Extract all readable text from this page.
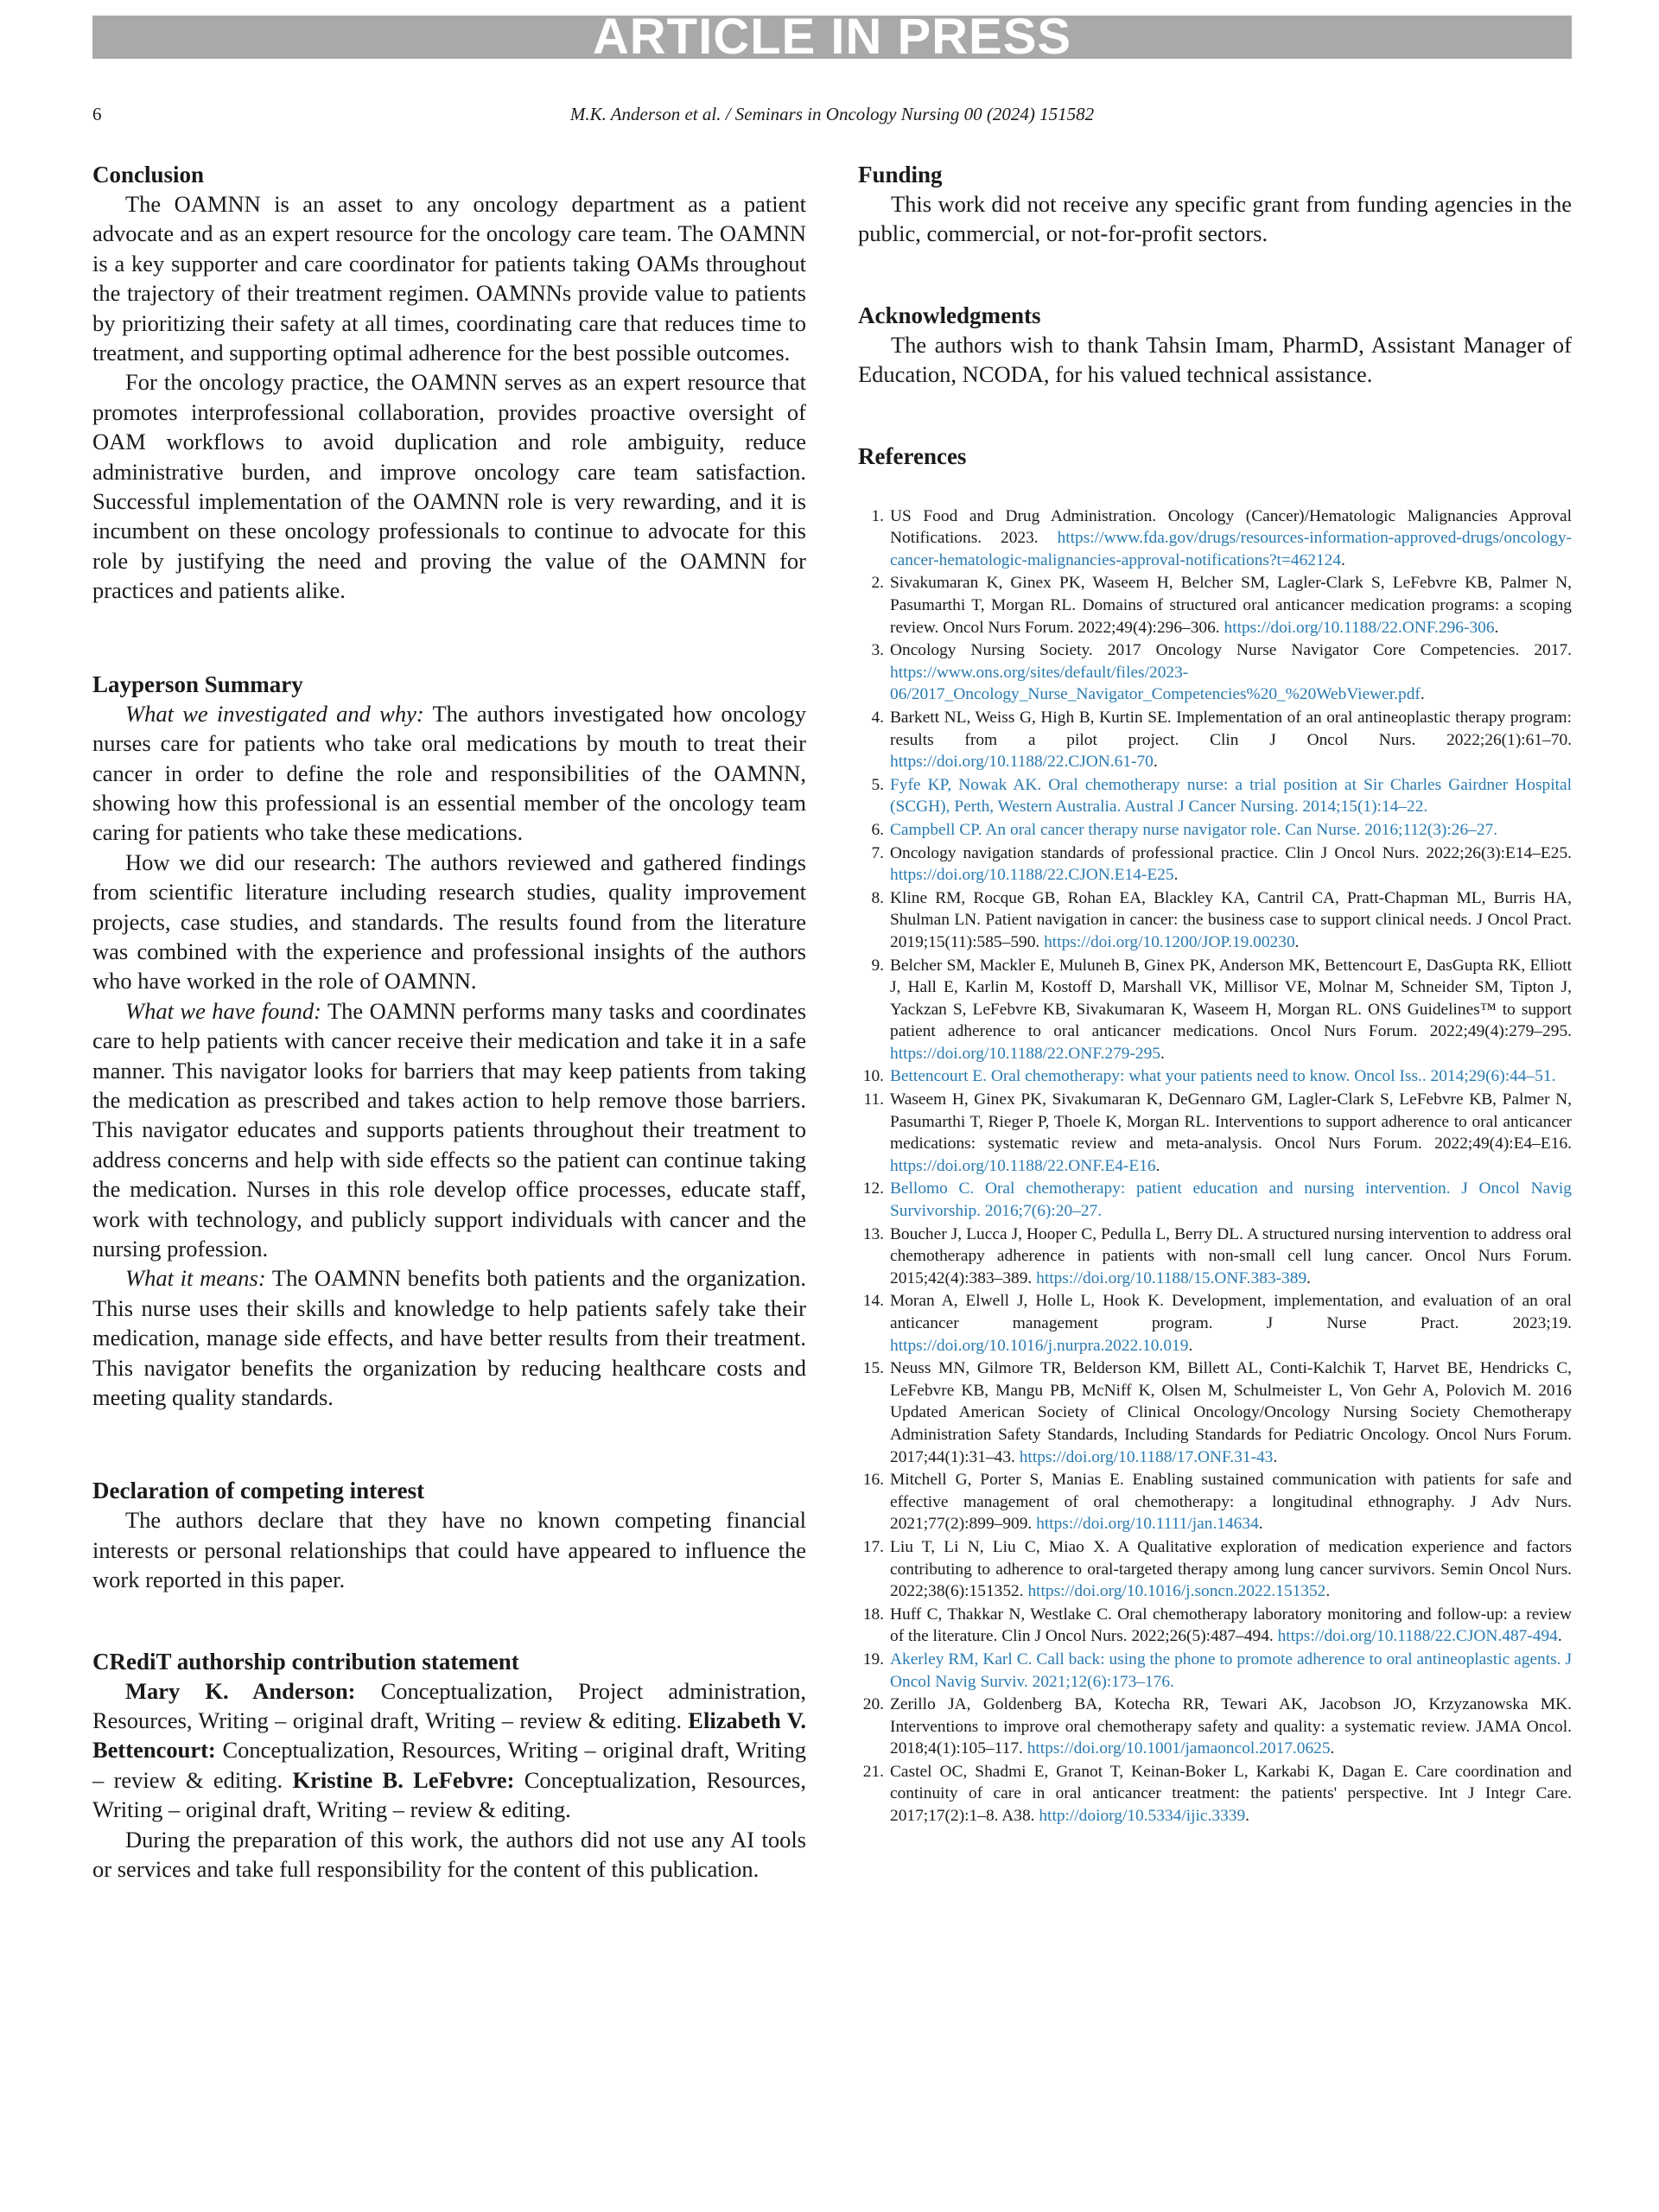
ARTICLE IN PRESS
6	M.K. Anderson et al. / Seminars in Oncology Nursing 00 (2024) 151582
Conclusion

The OAMNN is an asset to any oncology department as a patient advocate and as an expert resource for the oncology care team. The OAMNN is a key supporter and care coordinator for patients taking OAMs throughout the trajectory of their treatment regimen. OAMNNs provide value to patients by prioritizing their safety at all times, coordinating care that reduces time to treatment, and supporting optimal adherence for the best possible outcomes.

For the oncology practice, the OAMNN serves as an expert resource that promotes interprofessional collaboration, provides proactive oversight of OAM workflows to avoid duplication and role ambiguity, reduce administrative burden, and improve oncology care team satisfaction. Successful implementation of the OAMNN role is very rewarding, and it is incumbent on these oncology professionals to continue to advocate for this role by justifying the need and proving the value of the OAMNN for practices and patients alike.

Layperson Summary

What we investigated and why: The authors investigated how oncology nurses care for patients who take oral medications by mouth to treat their cancer in order to define the role and responsibilities of the OAMNN, showing how this professional is an essential member of the oncology team caring for patients who take these medications.

How we did our research: The authors reviewed and gathered findings from scientific literature including research studies, quality improvement projects, case studies, and standards. The results found from the literature was combined with the experience and professional insights of the authors who have worked in the role of OAMNN.

What we have found: The OAMNN performs many tasks and coordinates care to help patients with cancer receive their medication and take it in a safe manner. This navigator looks for barriers that may keep patients from taking the medication as prescribed and takes action to help remove those barriers. This navigator educates and supports patients throughout their treatment to address concerns and help with side effects so the patient can continue taking the medication. Nurses in this role develop office processes, educate staff, work with technology, and publicly support individuals with cancer and the nursing profession.

What it means: The OAMNN benefits both patients and the organization. This nurse uses their skills and knowledge to help patients safely take their medication, manage side effects, and have better results from their treatment. This navigator benefits the organization by reducing healthcare costs and meeting quality standards.

Declaration of competing interest

The authors declare that they have no known competing financial interests or personal relationships that could have appeared to influence the work reported in this paper.

CRediT authorship contribution statement

Mary K. Anderson: Conceptualization, Project administration, Resources, Writing – original draft, Writing – review & editing. Elizabeth V. Bettencourt: Conceptualization, Resources, Writing – original draft, Writing – review & editing. Kristine B. LeFebvre: Conceptualization, Resources, Writing – original draft, Writing – review & editing.

During the preparation of this work, the authors did not use any AI tools or services and take full responsibility for the content of this publication.

Funding

This work did not receive any specific grant from funding agencies in the public, commercial, or not-for-profit sectors.

Acknowledgments

The authors wish to thank Tahsin Imam, PharmD, Assistant Manager of Education, NCODA, for his valued technical assistance.

References
1. US Food and Drug Administration. Oncology (Cancer)/Hematologic Malignancies Approval Notifications. 2023. https://www.fda.gov/drugs/resources-information-approved-drugs/oncology-cancer-hematologic-malignancies-approval-notifications?t=462124.
2. Sivakumaran K, Ginex PK, Waseem H, Belcher SM, Lagler-Clark S, LeFebvre KB, Palmer N, Pasumarthi T, Morgan RL. Domains of structured oral anticancer medication programs: a scoping review. Oncol Nurs Forum. 2022;49(4):296–306. https://doi.org/10.1188/22.ONF.296-306.
3. Oncology Nursing Society. 2017 Oncology Nurse Navigator Core Competencies. 2017. https://www.ons.org/sites/default/files/2023-06/2017_Oncology_Nurse_Navigator_Competencies%20_%20WebViewer.pdf.
4. Barkett NL, Weiss G, High B, Kurtin SE. Implementation of an oral antineoplastic therapy program: results from a pilot project. Clin J Oncol Nurs. 2022;26(1):61–70. https://doi.org/10.1188/22.CJON.61-70.
5. Fyfe KP, Nowak AK. Oral chemotherapy nurse: a trial position at Sir Charles Gairdner Hospital (SCGH), Perth, Western Australia. Austral J Cancer Nursing. 2014;15(1):14–22.
6. Campbell CP. An oral cancer therapy nurse navigator role. Can Nurse. 2016;112(3):26–27.
7. Oncology navigation standards of professional practice. Clin J Oncol Nurs. 2022;26(3):E14–E25. https://doi.org/10.1188/22.CJON.E14-E25.
8. Kline RM, Rocque GB, Rohan EA, Blackley KA, Cantril CA, Pratt-Chapman ML, Burris HA, Shulman LN. Patient navigation in cancer: the business case to support clinical needs. J Oncol Pract. 2019;15(11):585–590. https://doi.org/10.1200/JOP.19.00230.
9. Belcher SM, Mackler E, Muluneh B, Ginex PK, Anderson MK, Bettencourt E, DasGupta RK, Elliott J, Hall E, Karlin M, Kostoff D, Marshall VK, Millisor VE, Molnar M, Schneider SM, Tipton J, Yackzan S, LeFebvre KB, Sivakumaran K, Waseem H, Morgan RL. ONS Guidelines™ to support patient adherence to oral anticancer medications. Oncol Nurs Forum. 2022;49(4):279–295. https://doi.org/10.1188/22.ONF.279-295.
10. Bettencourt E. Oral chemotherapy: what your patients need to know. Oncol Iss.. 2014;29(6):44–51.
11. Waseem H, Ginex PK, Sivakumaran K, DeGennaro GM, Lagler-Clark S, LeFebvre KB, Palmer N, Pasumarthi T, Rieger P, Thoele K, Morgan RL. Interventions to support adherence to oral anticancer medications: systematic review and meta-analysis. Oncol Nurs Forum. 2022;49(4):E4–E16. https://doi.org/10.1188/22.ONF.E4-E16.
12. Bellomo C. Oral chemotherapy: patient education and nursing intervention. J Oncol Navig Survivorship. 2016;7(6):20–27.
13. Boucher J, Lucca J, Hooper C, Pedulla L, Berry DL. A structured nursing intervention to address oral chemotherapy adherence in patients with non-small cell lung cancer. Oncol Nurs Forum. 2015;42(4):383–389. https://doi.org/10.1188/15.ONF.383-389.
14. Moran A, Elwell J, Holle L, Hook K. Development, implementation, and evaluation of an oral anticancer management program. J Nurse Pract. 2023;19. https://doi.org/10.1016/j.nurpra.2022.10.019.
15. Neuss MN, Gilmore TR, Belderson KM, Billett AL, Conti-Kalchik T, Harvet BE, Hendricks C, LeFebvre KB, Mangu PB, McNiff K, Olsen M, Schulmeister L, Von Gehr A, Polovich M. 2016 Updated American Society of Clinical Oncology/Oncology Nursing Society Chemotherapy Administration Safety Standards, Including Standards for Pediatric Oncology. Oncol Nurs Forum. 2017;44(1):31–43. https://doi.org/10.1188/17.ONF.31-43.
16. Mitchell G, Porter S, Manias E. Enabling sustained communication with patients for safe and effective management of oral chemotherapy: a longitudinal ethnography. J Adv Nurs. 2021;77(2):899–909. https://doi.org/10.1111/jan.14634.
17. Liu T, Li N, Liu C, Miao X. A Qualitative exploration of medication experience and factors contributing to adherence to oral-targeted therapy among lung cancer survivors. Semin Oncol Nurs. 2022;38(6):151352. https://doi.org/10.1016/j.soncn.2022.151352.
18. Huff C, Thakkar N, Westlake C. Oral chemotherapy laboratory monitoring and follow-up: a review of the literature. Clin J Oncol Nurs. 2022;26(5):487–494. https://doi.org/10.1188/22.CJON.487-494.
19. Akerley RM, Karl C. Call back: using the phone to promote adherence to oral antineoplastic agents. J Oncol Navig Surviv. 2021;12(6):173–176.
20. Zerillo JA, Goldenberg BA, Kotecha RR, Tewari AK, Jacobson JO, Krzyzanowska MK. Interventions to improve oral chemotherapy safety and quality: a systematic review. JAMA Oncol. 2018;4(1):105–117. https://doi.org/10.1001/jamaoncol.2017.0625.
21. Castel OC, Shadmi E, Granot T, Keinan-Boker L, Karkabi K, Dagan E. Care coordination and continuity of care in oral anticancer treatment: the patients' perspective. Int J Integr Care. 2017;17(2):1–8. A38. http://doiorg/10.5334/ijic.3339.
